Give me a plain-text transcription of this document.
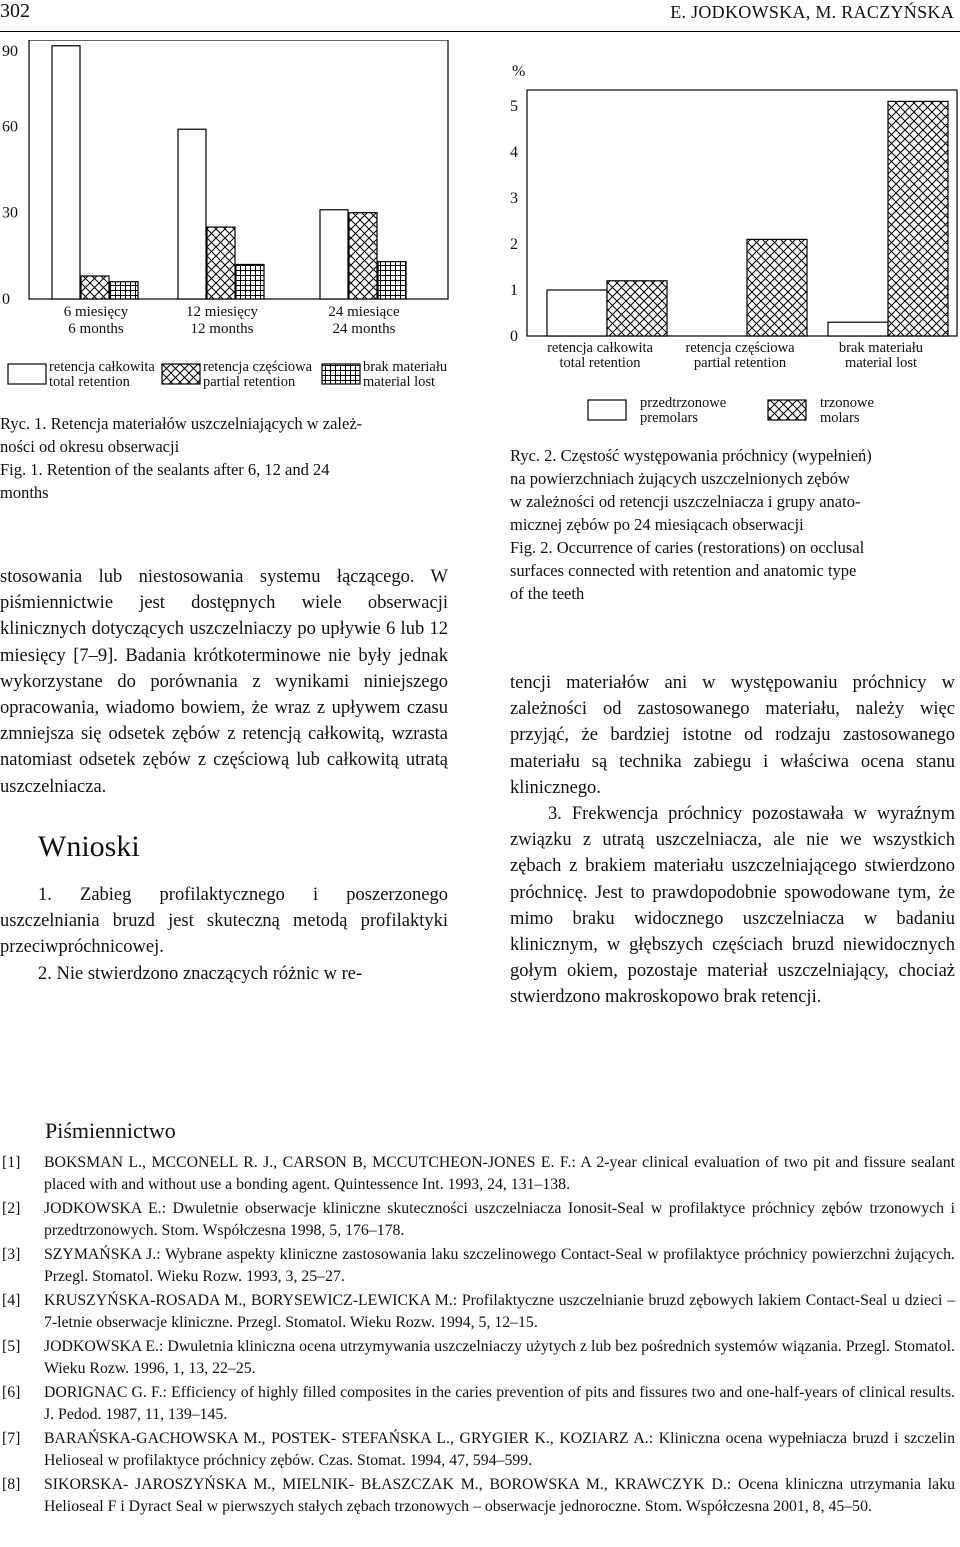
302	E. JODKOWSKA, M. RACZYŃSKA
0
30
60
90
6 miesięcy
6 months
12 miesięcy
12 months
24 miesiące
24 months
retencja całkowita
total retention
retencja częściowa
partial retention
brak materiału
material lost
%
0
1
2
3
4
5
retencja całkowita
total retention
retencja częściowa
partial retention
brak materiału
material lost
przedtrzonowe
premolars
trzonowe
molars
Ryc. 1. Retencja materiałów uszczelniających w zależ-
ności od okresu obserwacji
Fig. 1. Retention of the sealants after 6, 12 and 24
months
Ryc. 2. Częstość występowania próchnicy (wypełnień)
na powierzchniach żujących uszczelnionych zębów
w zależności od retencji uszczelniacza i grupy anato-
micznej zębów po 24 miesiącach obserwacji
Fig. 2. Occurrence of caries (restorations) on occlusal
surfaces connected with retention and anatomic type
of the teeth

stosowania lub niestosowania systemu łączącego. W piśmiennictwie jest dostępnych wiele obserwacji klinicznych dotyczących uszczelniaczy po upływie 6 lub 12 miesięcy [7–9]. Badania krótkoterminowe nie były jednak wykorzystane do porównania z wynikami niniejszego opracowania, wiadomo bowiem, że wraz z upływem czasu zmniejsza się odsetek zębów z retencją całkowitą, wzrasta natomiast odsetek zębów z częściową lub całkowitą utratą uszczelniacza.

Wnioski

1. Zabieg profilaktycznego i poszerzonego uszczelniania bruzd jest skuteczną metodą profilaktyki przeciwpróchnicowej.

2. Nie stwierdzono znaczących różnic w re-

tencji materiałów ani w występowaniu próchnicy w zależności od zastosowanego materiału, należy więc przyjąć, że bardziej istotne od rodzaju zastosowanego materiału są technika zabiegu i właściwa ocena stanu klinicznego.

3. Frekwencja próchnicy pozostawała w wyraźnym związku z utratą uszczelniacza, ale nie we wszystkich zębach z brakiem materiału uszczelniającego stwierdzono próchnicę. Jest to prawdopodobnie spowodowane tym, że mimo braku widocznego uszczelniacza w badaniu klinicznym, w głębszych częściach bruzd niewidocznych gołym okiem, pozostaje materiał uszczelniający, chociaż stwierdzono makroskopowo brak retencji.

Piśmiennictwo
[1] BOKSMAN L., MCCONELL R. J., CARSON B, MCCUTCHEON-JONES E. F.: A 2-year clinical evaluation of two pit and fissure sealant placed with and without use a bonding agent. Quintessence Int. 1993, 24, 131–138.
[2] JODKOWSKA E.: Dwuletnie obserwacje kliniczne skuteczności uszczelniacza Ionosit-Seal w profilaktyce próchnicy zębów trzonowych i przedtrzonowych. Stom. Współczesna 1998, 5, 176–178.
[3] SZYMAŃSKA J.: Wybrane aspekty kliniczne zastosowania laku szczelinowego Contact-Seal w profilaktyce próchnicy powierzchni żujących. Przegl. Stomatol. Wieku Rozw. 1993, 3, 25–27.
[4] KRUSZYŃSKA-ROSADA M., BORYSEWICZ-LEWICKA M.: Profilaktyczne uszczelnianie bruzd zębowych lakiem Contact-Seal u dzieci – 7-letnie obserwacje kliniczne. Przegl. Stomatol. Wieku Rozw. 1994, 5, 12–15.
[5] JODKOWSKA E.: Dwuletnia kliniczna ocena utrzymywania uszczelniaczy użytych z lub bez pośrednich systemów wiązania. Przegl. Stomatol. Wieku Rozw. 1996, 1, 13, 22–25.
[6] DORIGNAC G. F.: Efficiency of highly filled composites in the caries prevention of pits and fissures two and one-half-years of clinical results. J. Pedod. 1987, 11, 139–145.
[7] BARAŃSKA-GACHOWSKA M., POSTEK- STEFAŃSKA L., GRYGIER K., KOZIARZ A.: Kliniczna ocena wypełniacza bruzd i szczelin Helioseal w profilaktyce próchnicy zębów. Czas. Stomat. 1994, 47, 594–599.
[8] SIKORSKA- JAROSZYŃSKA M., MIELNIK- BŁASZCZAK M., BOROWSKA M., KRAWCZYK D.: Ocena kliniczna utrzymania laku Helioseal F i Dyract Seal w pierwszych stałych zębach trzonowych – obserwacje jednoroczne. Stom. Współczesna 2001, 8, 45–50.
